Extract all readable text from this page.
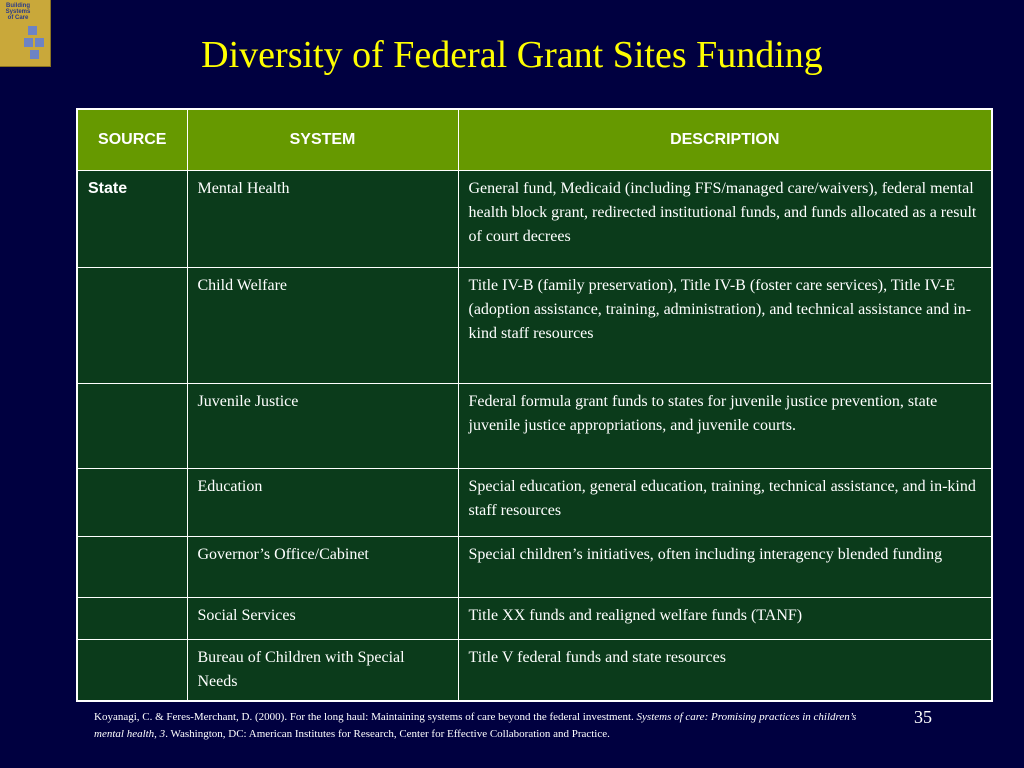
Building Systems of Care
Diversity of Federal Grant Sites Funding
SOURCE	SYSTEM	DESCRIPTION
State	Mental Health	General fund, Medicaid (including FFS/managed care/waivers), federal mental health block grant, redirected institutional funds, and funds allocated as a result of court decrees
	Child Welfare	Title IV-B (family preservation), Title IV-B (foster care services), Title IV-E (adoption assistance, training, administration), and technical assistance and in-kind staff resources
	Juvenile Justice	Federal formula grant funds to states for juvenile justice prevention, state juvenile justice appropriations, and juvenile courts.
	Education	Special education, general education, training, technical assistance, and in-kind staff resources
	Governor’s Office/Cabinet	Special children’s initiatives, often including interagency blended funding
	Social Services	Title XX funds and realigned welfare funds (TANF)
	Bureau of Children with Special Needs	Title V federal funds and state resources
Koyanagi, C. & Feres-Merchant, D. (2000). For the long haul: Maintaining systems of care beyond the federal investment. Systems of care: Promising practices in children’s mental health, 3. Washington, DC: American Institutes for Research, Center for Effective Collaboration and Practice.
35
